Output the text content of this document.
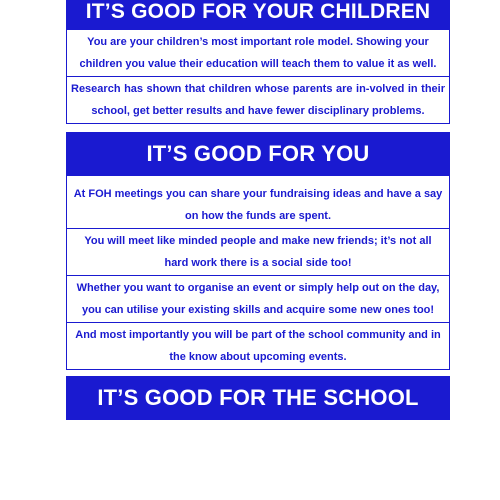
IT’S GOOD FOR YOUR CHILDREN
You are your children’s most important role model. Showing your children you value their education will teach them to value it as well.
Research has shown that children whose parents are in-volved in their school, get better results and have fewer disciplinary problems.
IT’S GOOD FOR YOU
At FOH meetings you can share your fundraising ideas and have a say on how the funds are spent.
You will meet like minded people and make new friends; it’s not all hard work there is a social side too!
Whether you want to organise an event or simply help out on the day, you can utilise your existing skills and acquire some new ones too!
And most importantly you will be part of the school community and in the know about upcoming events.
IT’S GOOD FOR THE SCHOOL
